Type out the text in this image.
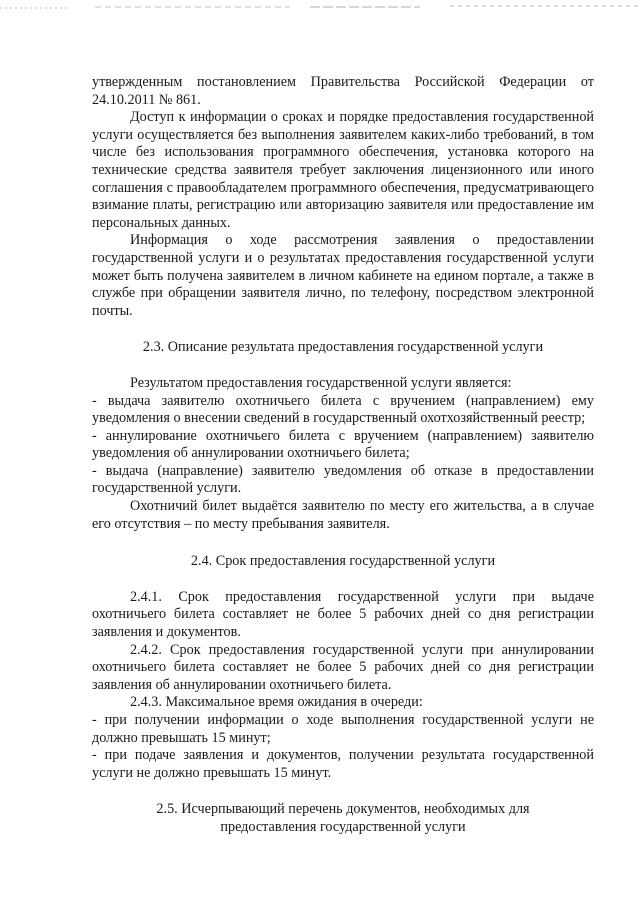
утвержденным постановлением Правительства Российской Федерации от 24.10.2011 № 861.

Доступ к информации о сроках и порядке предоставления государственной услуги осуществляется без выполнения заявителем каких-либо требований, в том числе без использования программного обеспечения, установка которого на технические средства заявителя требует заключения лицензионного или иного соглашения с правообладателем программного обеспечения, предусматривающего взимание платы, регистрацию или авторизацию заявителя или предоставление им персональных данных.

Информация о ходе рассмотрения заявления о предоставлении государственной услуги и о результатах предоставления государственной услуги может быть получена заявителем в личном кабинете на едином портале, а также в службе при обращении заявителя лично, по телефону, посредством электронной почты.

2.3. Описание результата предоставления государственной услуги

Результатом предоставления государственной услуги является:

- выдача заявителю охотничьего билета с вручением (направлением) ему уведомления о внесении сведений в государственный охотхозяйственный реестр;

- аннулирование охотничьего билета с вручением (направлением) заявителю уведомления об аннулировании охотничьего билета;

- выдача (направление) заявителю уведомления об отказе в предоставлении государственной услуги.

Охотничий билет выдаётся заявителю по месту его жительства, а в случае его отсутствия – по месту пребывания заявителя.

2.4. Срок предоставления государственной услуги

2.4.1. Срок предоставления государственной услуги при выдаче охотничьего билета составляет не более 5 рабочих дней со дня регистрации заявления и документов.

2.4.2. Срок предоставления государственной услуги при аннулировании охотничьего билета составляет не более 5 рабочих дней со дня регистрации заявления об аннулировании охотничьего билета.

2.4.3. Максимальное время ожидания в очереди:

- при получении информации о ходе выполнения государственной услуги не должно превышать 15 минут;

- при подаче заявления и документов, получении результата государственной услуги не должно превышать 15 минут.

2.5. Исчерпывающий перечень документов, необходимых для

предоставления государственной услуги
